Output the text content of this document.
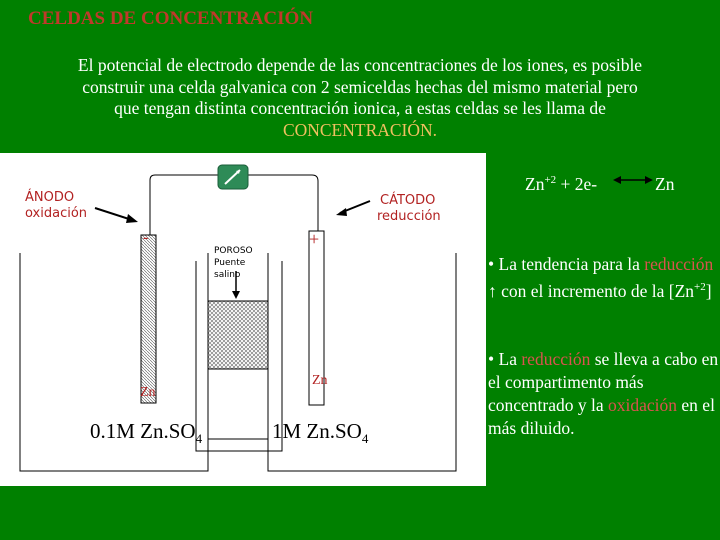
CELDAS DE CONCENTRACIÓN
El potencial de electrodo depende de las concentraciones de los iones, es posible
construir una celda galvanica con 2 semiceldas hechas del mismo material pero
que tengan distinta concentración ionica, a estas celdas se les llama de
CONCENTRACIÓN.
ÁNODO
oxidación
CÁTODO
reducción
-	+
POROSO
Puente
salino
Zn
Zn
0.1M $Zn.SO_4$	1M $Zn.SO_4$
$Zn^{+2} + 2e-$	Zn
• La tendencia para la reducción ↑ con el incremento de la $[Zn^{+2}]$
• La reducción se lleva a cabo en el compartimento más concentrado y la oxidación en el más diluido.
